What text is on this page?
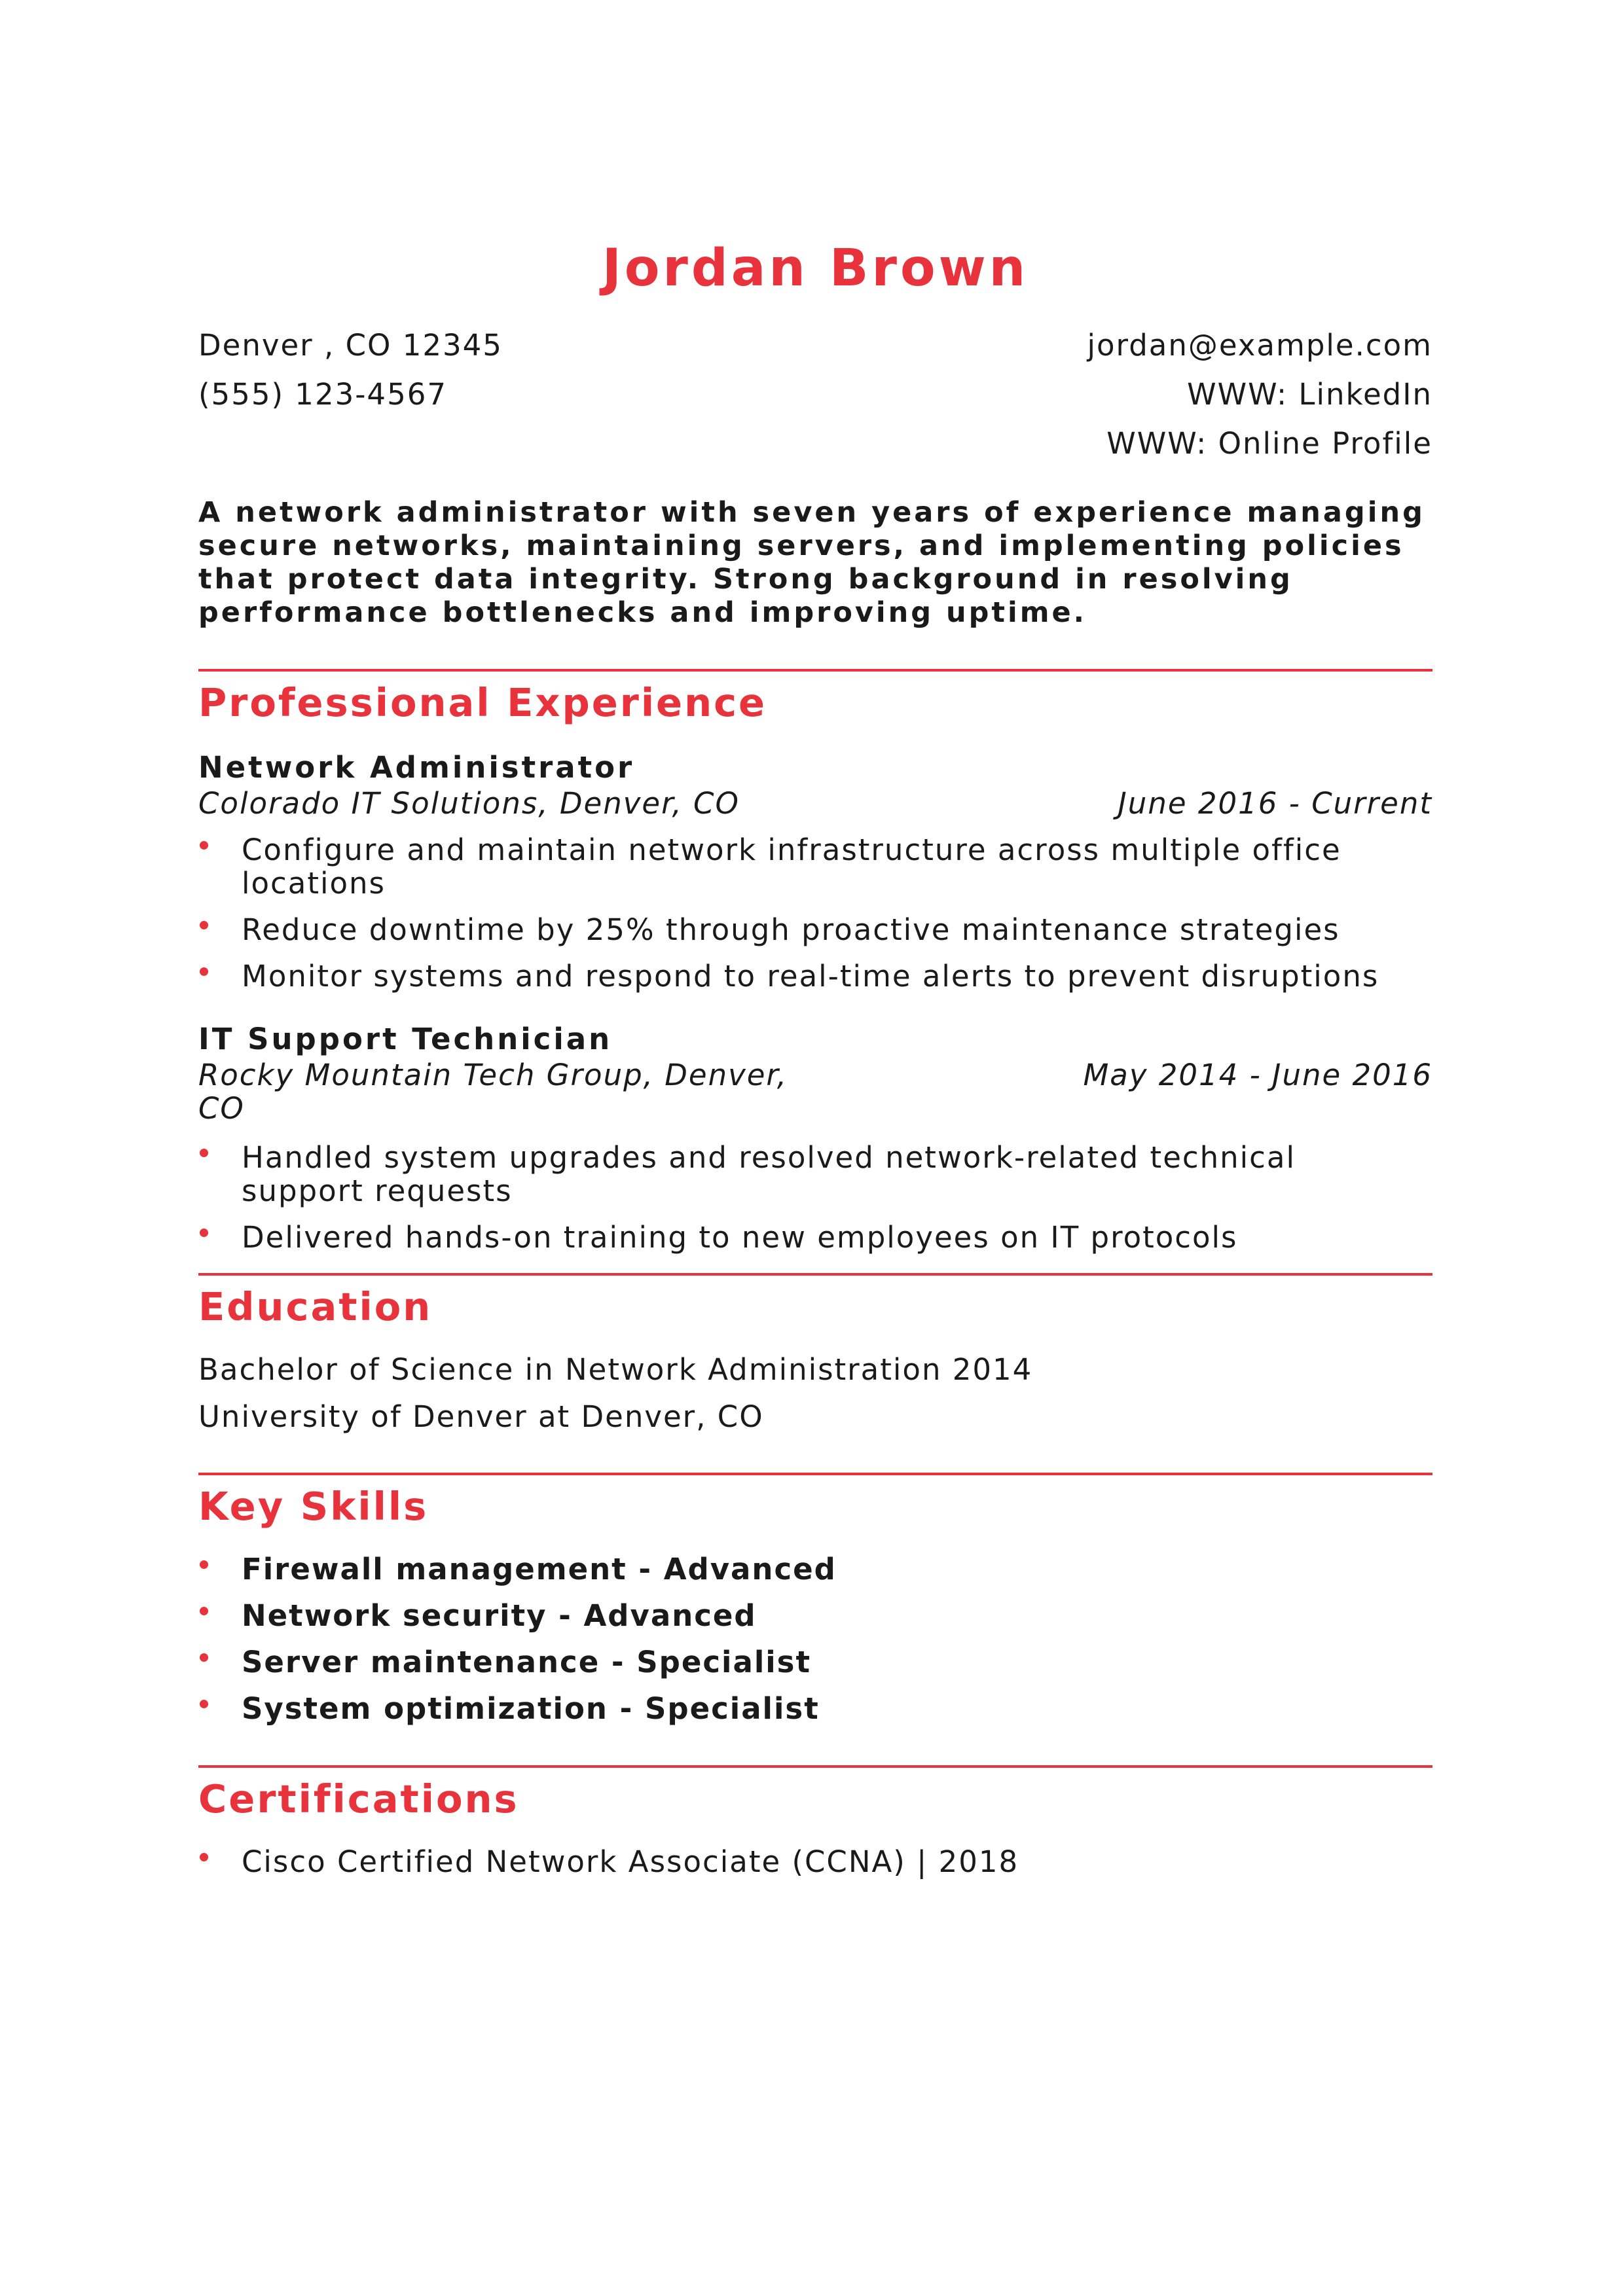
Jordan Brown
Denver , CO 12345
(555) 123-4567
jordan@example.com
WWW: LinkedIn
WWW: Online Profile
A network administrator with seven years of experience managing secure networks, maintaining servers, and implementing policies that protect data integrity. Strong background in resolving performance bottlenecks and improving uptime.
Professional Experience
Network Administrator
Colorado IT Solutions, Denver, CO	June 2016 - Current
Configure and maintain network infrastructure across multiple office locations
Reduce downtime by 25% through proactive maintenance strategies
Monitor systems and respond to real-time alerts to prevent disruptions
IT Support Technician
Rocky Mountain Tech Group, Denver,
CO
May 2014 - June 2016
Handled system upgrades and resolved network-related technical support requests
Delivered hands-on training to new employees on IT protocols
Education
Bachelor of Science in Network Administration 2014
University of Denver at Denver, CO
Key Skills
Firewall management - Advanced
Network security - Advanced
Server maintenance - Specialist
System optimization - Specialist
Certifications
Cisco Certified Network Associate (CCNA) | 2018
